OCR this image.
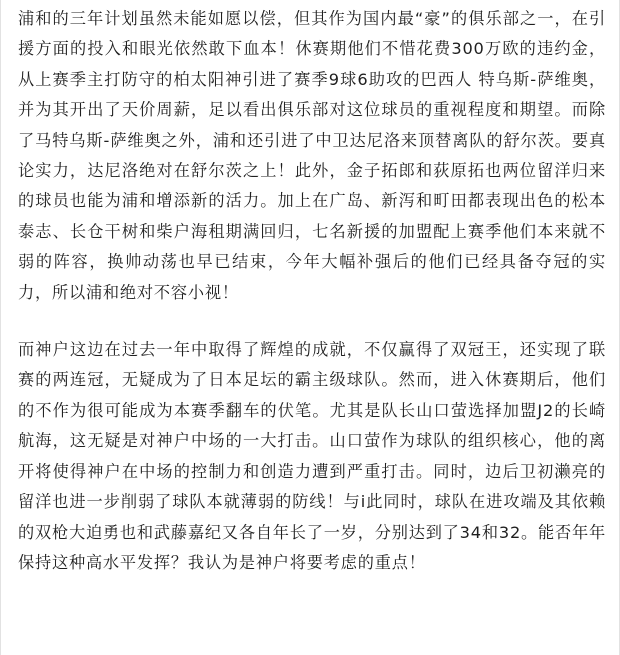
浦和的三年计划虽然未能如愿以偿，但其作为国内最“豪”的俱乐部之一，在引援方面的投入和眼光依然敢下血本！休赛期他们不惜花费300万欧的违约金，从上赛季主打防守的柏太阳神引进了赛季9球6助攻的巴西人 特乌斯-萨维奥，并为其开出了天价周薪，足以看出俱乐部对这位球员的重视程度和期望。而除了马特乌斯-萨维奥之外，浦和还引进了中卫达尼洛来顶替离队的舒尔茨。要真论实力，达尼洛绝对在舒尔茨之上！此外，金子拓郎和荻原拓也两位留洋归来的球员也能为浦和增添新的活力。加上在广岛、新泻和町田都表现出色的松本泰志、长仓干树和柴户海租期满回归，七名新援的加盟配上赛季他们本来就不弱的阵容，换帅动荡也早已结束，今年大幅补强后的他们已经具备夺冠的实力，所以浦和绝对不容小视！

而神户这边在过去一年中取得了辉煌的成就，不仅赢得了双冠王，还实现了联赛的两连冠，无疑成为了日本足坛的霸主级球队。然而，进入休赛期后，他们的不作为很可能成为本赛季翻车的伏笔。尤其是队长山口萤选择加盟J2的长崎航海，这无疑是对神户中场的一大打击。山口萤作为球队的组织核心，他的离开将使得神户在中场的控制力和创造力遭到严重打击。同时，边后卫初濑亮的留洋也进一步削弱了球队本就薄弱的防线！与i此同时，球队在进攻端及其依赖的双枪大迫勇也和武藤嘉纪又各自年长了一岁，分别达到了34和32。能否年年保持这种高水平发挥？我认为是神户将要考虑的重点！
